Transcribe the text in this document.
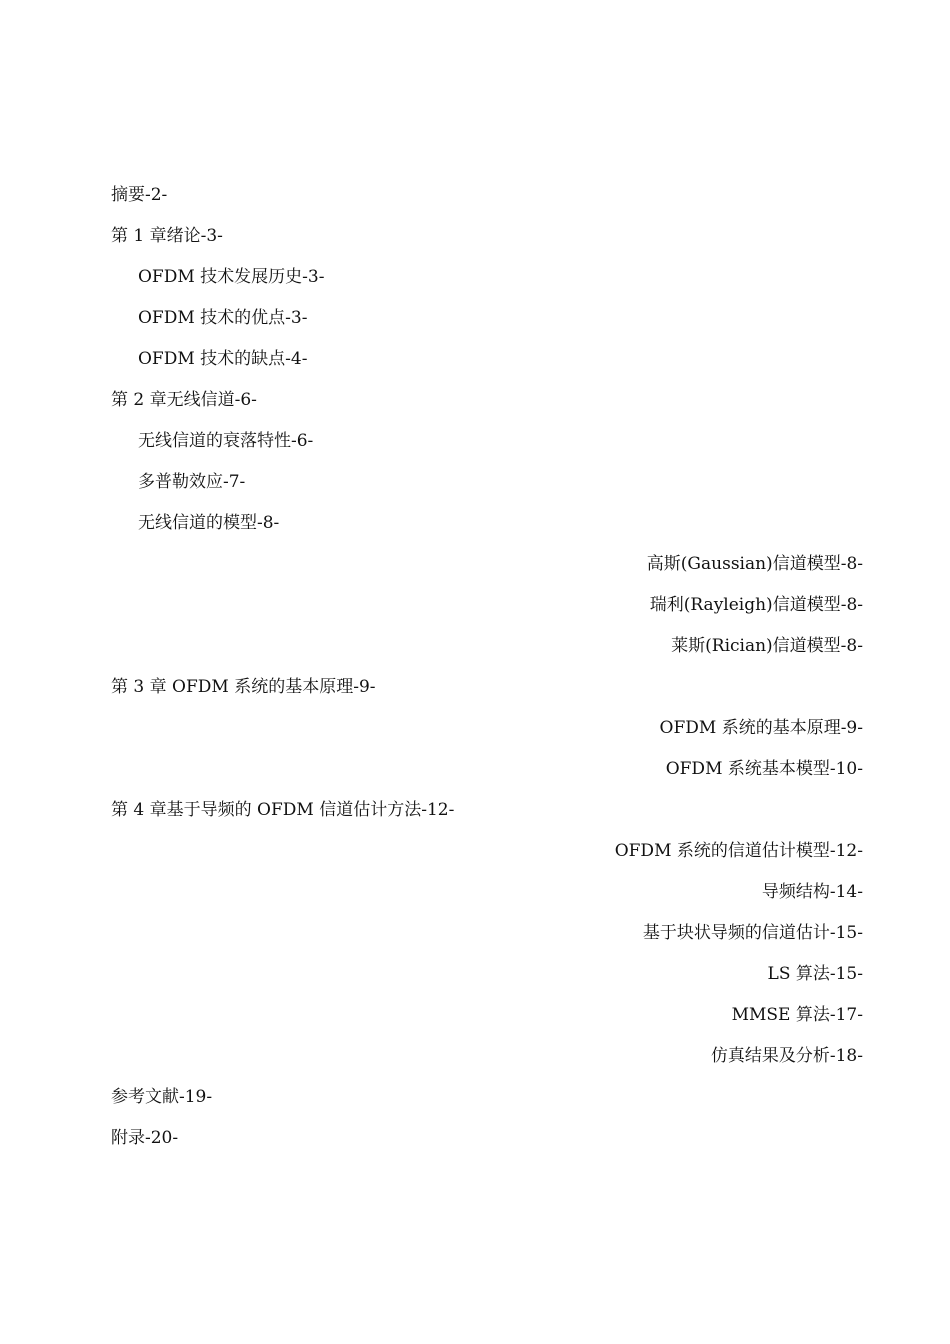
摘要-2-
第 1 章绪论-3-
OFDM 技术发展历史-3-
OFDM 技术的优点-3-
OFDM 技术的缺点-4-
第 2 章无线信道-6-
无线信道的衰落特性-6-
多普勒效应-7-
无线信道的模型-8-
高斯(Gaussian)信道模型-8-
瑞利(Rayleigh)信道模型-8-
莱斯(Rician)信道模型-8-
第 3 章 OFDM 系统的基本原理-9-
OFDM 系统的基本原理-9-
OFDM 系统基本模型-10-
第 4 章基于导频的 OFDM 信道估计方法-12-
OFDM 系统的信道估计模型-12-
导频结构-14-
基于块状导频的信道估计-15-
LS 算法-15-
MMSE 算法-17-
仿真结果及分析-18-
参考文献-19-
附录-20-
